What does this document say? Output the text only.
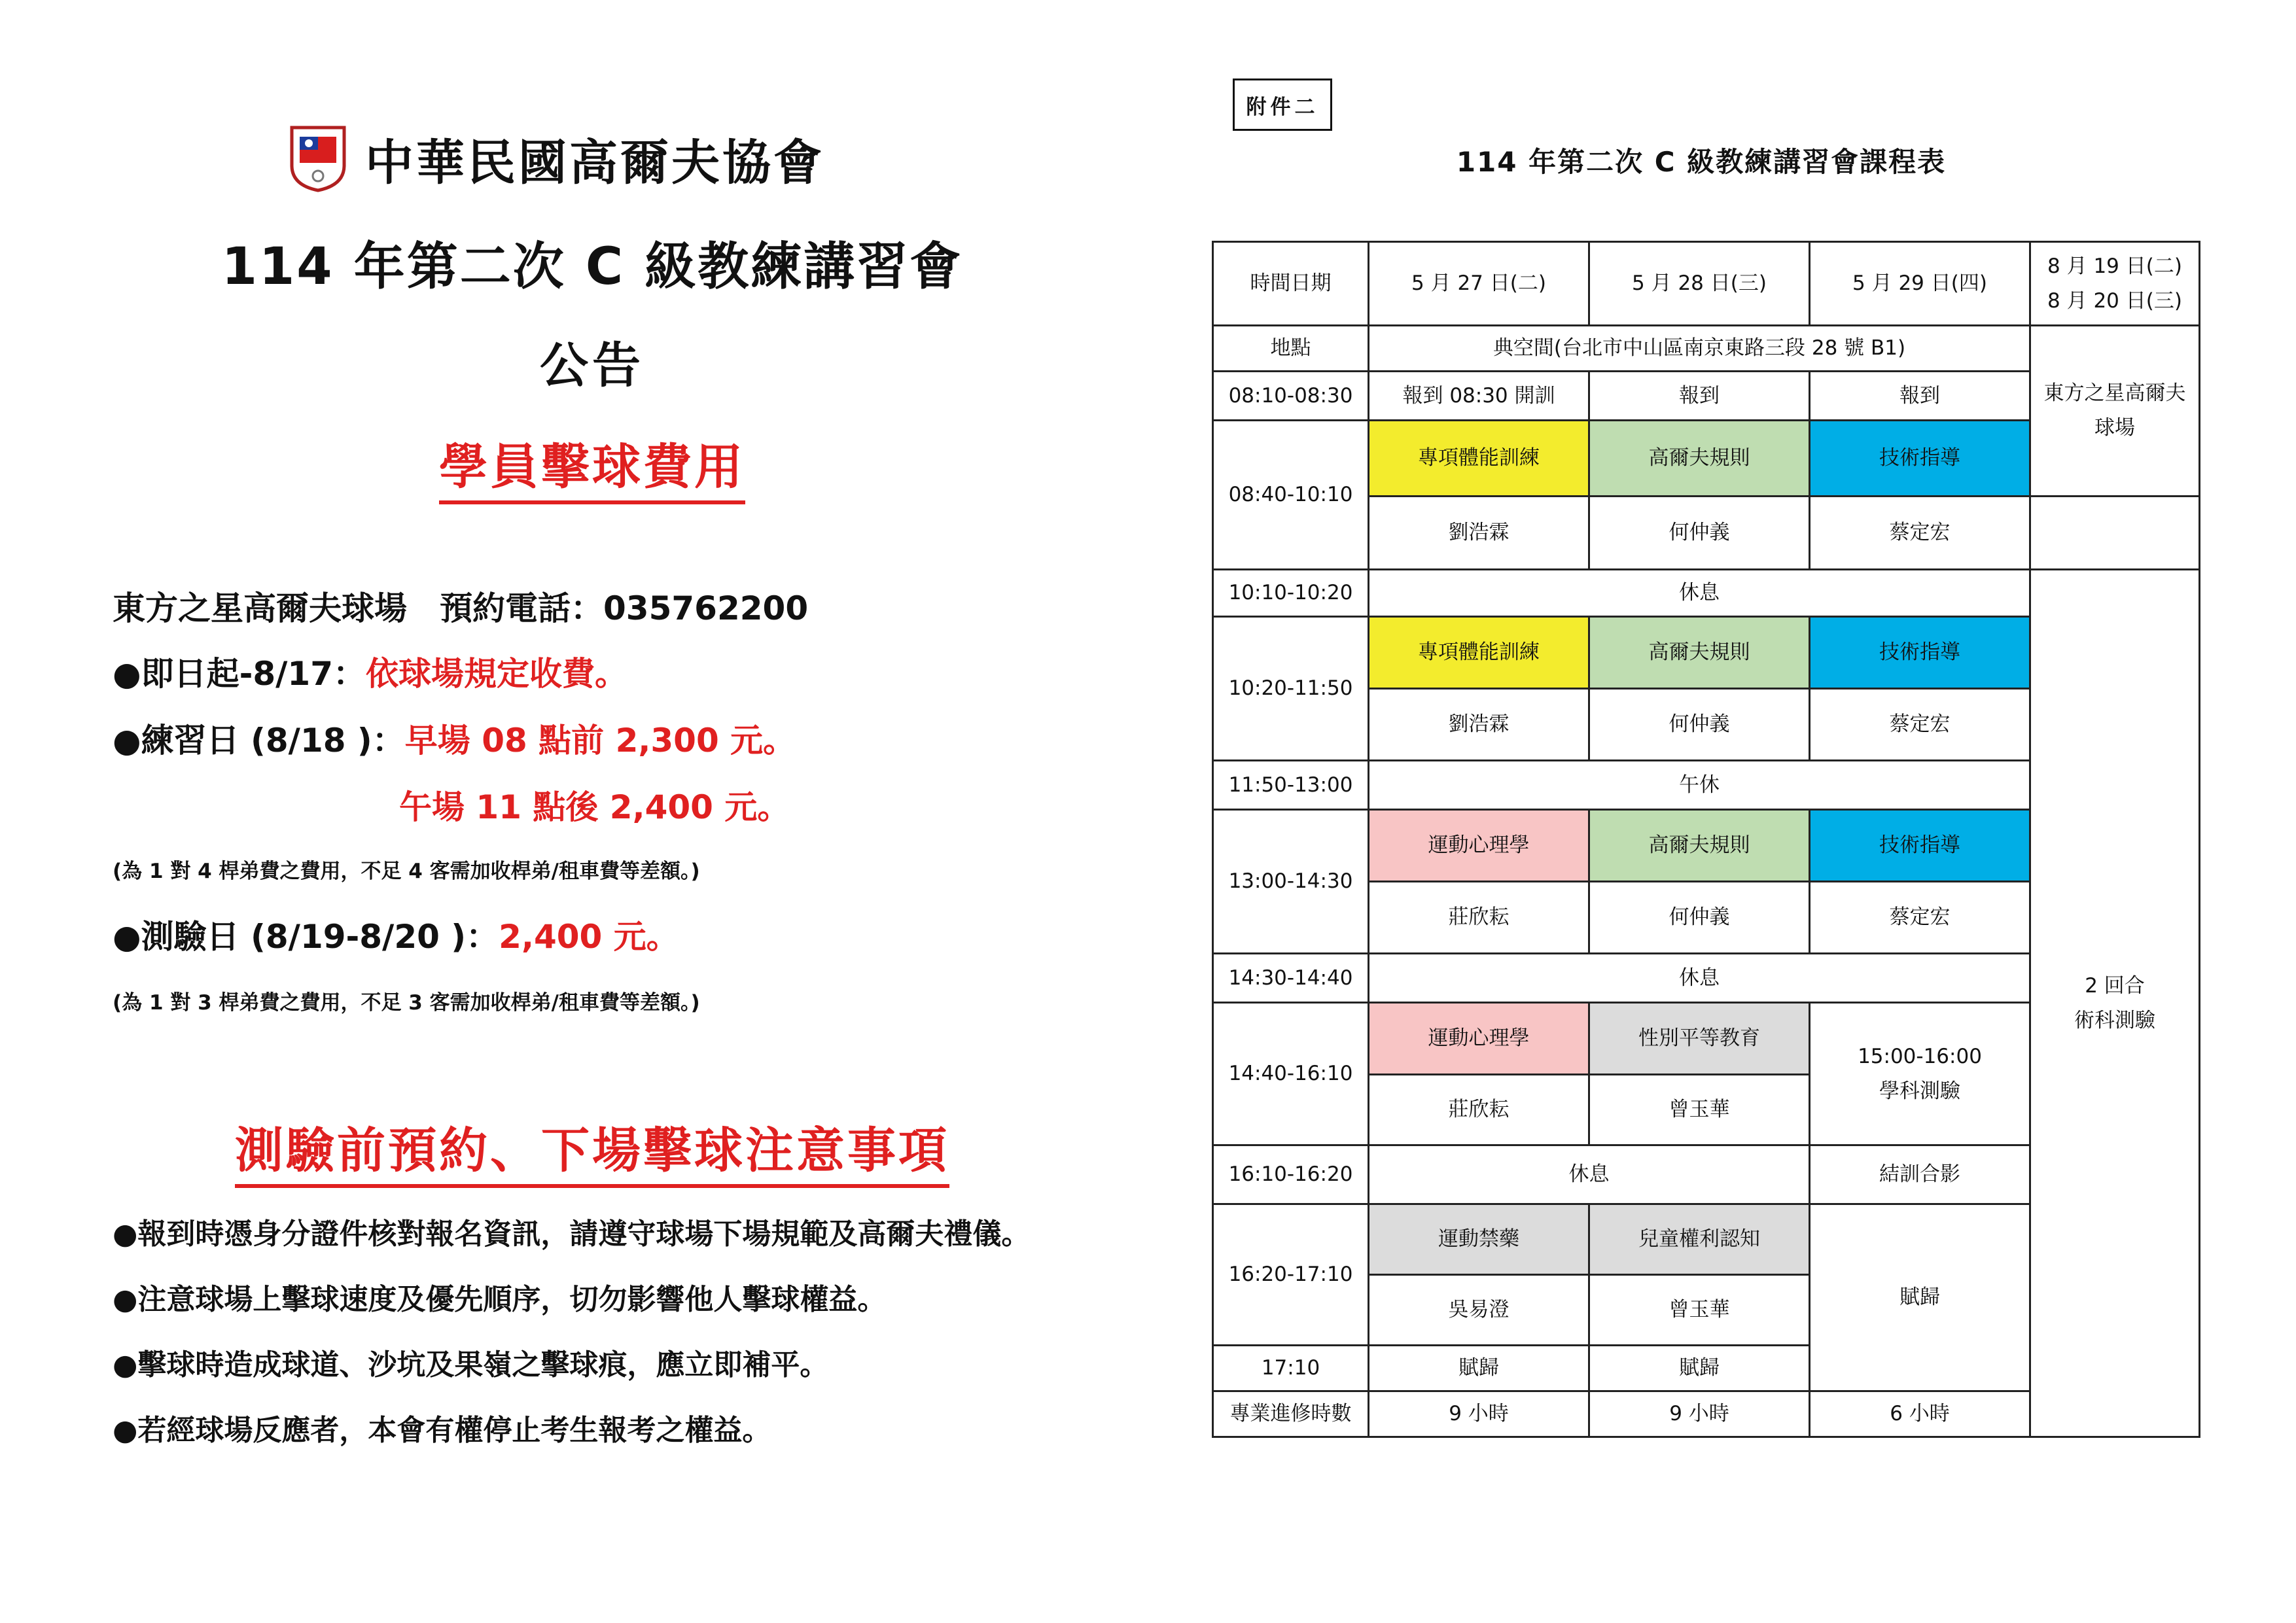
中華民國高爾夫協會
114 年第二次 C 級教練講習會
公告
學員擊球費用
東方之星高爾夫球場　預約電話：035762200
●即日起-8/17：依球場規定收費。
●練習日 (8/18 )：早場 08 點前 2,300 元。
午場 11 點後 2,400 元。
(為 1 對 4 桿弟費之費用，不足 4 客需加收桿弟/租車費等差額。)
●測驗日 (8/19-8/20 )：2,400 元。
(為 1 對 3 桿弟費之費用，不足 3 客需加收桿弟/租車費等差額。)
測驗前預約、下場擊球注意事項
●報到時憑身分證件核對報名資訊，請遵守球場下場規範及高爾夫禮儀。
●注意球場上擊球速度及優先順序，切勿影響他人擊球權益。
●擊球時造成球道、沙坑及果嶺之擊球痕，應立即補平。
●若經球場反應者，本會有權停止考生報考之權益。
附件二
114 年第二次 C 級教練講習會課程表
時間日期	5 月 27 日(二)	5 月 28 日(三)	5 月 29 日(四)	8 月 19 日(二)
8 月 20 日(三)

地點	典空間(台北市中山區南京東路三段 28 號 B1)			東方之星高爾夫
球場

08:10-08:30	報到 08:30 開訓	報到	報到	
08:40-10:10	專項體能訓練	高爾夫規則	技術指導	
	劉浩霖	何仲義	蔡定宏	
10:10-10:20	休息			2 回合
術科測驗

10:20-11:50	專項體能訓練	高爾夫規則	技術指導	
	劉浩霖	何仲義	蔡定宏	
11:50-13:00	午休			
13:00-14:30	運動心理學	高爾夫規則	技術指導	
	莊欣耘	何仲義	蔡定宏	
14:30-14:40	休息			
14:40-16:10	運動心理學	性別平等教育	15:00-16:00
學科測驗	

	莊欣耘	曾玉華		
16:10-16:20	休息		結訓合影	
16:20-17:10	運動禁藥	兒童權利認知	賦歸	
	吳易澄	曾玉華		
17:10	賦歸	賦歸		
專業進修時數	9 小時	9 小時	6 小時	
